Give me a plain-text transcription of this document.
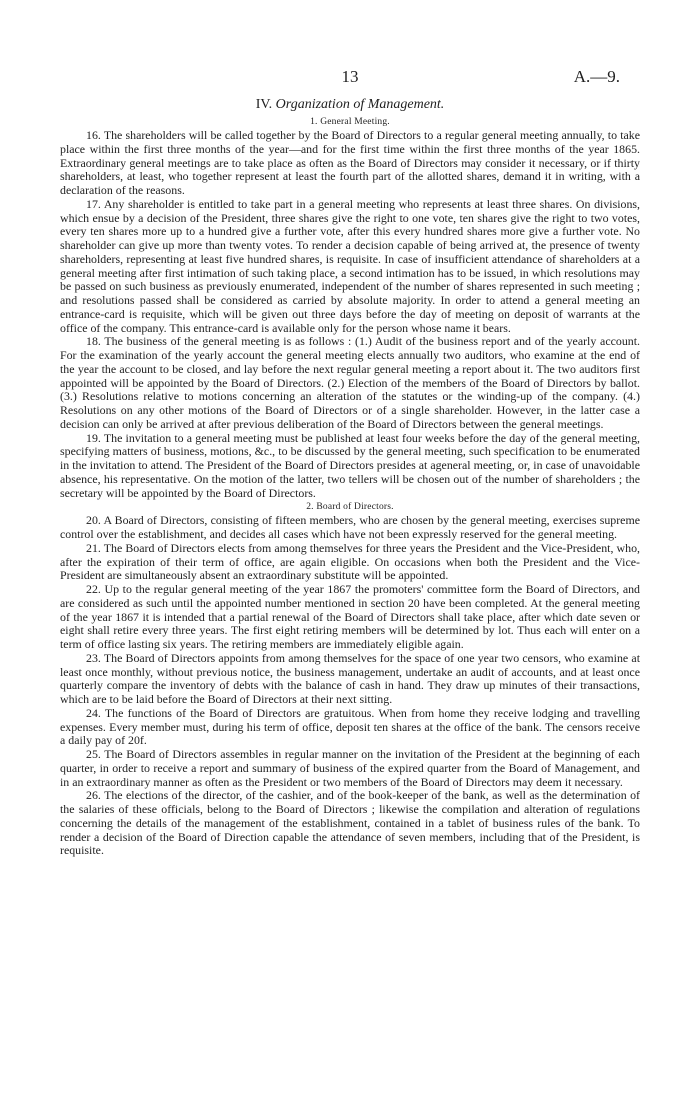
13	A.—9.
IV. Organization of Management.
1. General Meeting.

16. The shareholders will be called together by the Board of Directors to a regular general meeting annually, to take place within the first three months of the year—and for the first time within the first three months of the year 1865. Extraordinary general meetings are to take place as often as the Board of Directors may consider it necessary, or if thirty shareholders, at least, who together represent at least the fourth part of the allotted shares, demand it in writing, with a declaration of the reasons.

17. Any shareholder is entitled to take part in a general meeting who represents at least three shares. On divisions, which ensue by a decision of the President, three shares give the right to one vote, ten shares give the right to two votes, every ten shares more up to a hundred give a further vote, after this every hundred shares more give a further vote. No shareholder can give up more than twenty votes. To render a decision capable of being arrived at, the presence of twenty shareholders, representing at least five hundred shares, is requisite. In case of insufficient attendance of shareholders at a general meeting after first intimation of such taking place, a second intimation has to be issued, in which resolutions may be passed on such business as previously enumerated, independent of the number of shares represented in such meeting ; and resolutions passed shall be considered as carried by absolute majority. In order to attend a general meeting an entrance-card is requisite, which will be given out three days before the day of meeting on deposit of warrants at the office of the company. This entrance-card is available only for the person whose name it bears.

18. The business of the general meeting is as follows : (1.) Audit of the business report and of the yearly account. For the examination of the yearly account the general meeting elects annually two auditors, who examine at the end of the year the account to be closed, and lay before the next regular general meeting a report about it. The two auditors first appointed will be appointed by the Board of Directors. (2.) Election of the members of the Board of Directors by ballot. (3.) Resolutions relative to motions concerning an alteration of the statutes or the winding-up of the company. (4.) Resolutions on any other motions of the Board of Directors or of a single shareholder. However, in the latter case a decision can only be arrived at after previous deliberation of the Board of Directors between the general meetings.

19. The invitation to a general meeting must be published at least four weeks before the day of the general meeting, specifying matters of business, motions, &c., to be discussed by the general meeting, such specification to be enumerated in the invitation to attend. The President of the Board of Directors presides at ageneral meeting, or, in case of unavoidable absence, his representative. On the motion of the latter, two tellers will be chosen out of the number of shareholders ; the secretary will be appointed by the Board of Directors.

2. Board of Directors.

20. A Board of Directors, consisting of fifteen members, who are chosen by the general meeting, exercises supreme control over the establishment, and decides all cases which have not been expressly reserved for the general meeting.

21. The Board of Directors elects from among themselves for three years the President and the Vice-President, who, after the expiration of their term of office, are again eligible. On occasions when both the President and the Vice-President are simultaneously absent an extraordinary substitute will be appointed.

22. Up to the regular general meeting of the year 1867 the promoters' committee form the Board of Directors, and are considered as such until the appointed number mentioned in section 20 have been completed. At the general meeting of the year 1867 it is intended that a partial renewal of the Board of Directors shall take place, after which date seven or eight shall retire every three years. The first eight retiring members will be determined by lot. Thus each will enter on a term of office lasting six years. The retiring members are immediately eligible again.

23. The Board of Directors appoints from among themselves for the space of one year two censors, who examine at least once monthly, without previous notice, the business management, undertake an audit of accounts, and at least once quarterly compare the inventory of debts with the balance of cash in hand. They draw up minutes of their transactions, which are to be laid before the Board of Directors at their next sitting.

24. The functions of the Board of Directors are gratuitous. When from home they receive lodging and travelling expenses. Every member must, during his term of office, deposit ten shares at the office of the bank. The censors receive a daily pay of 20f.

25. The Board of Directors assembles in regular manner on the invitation of the President at the beginning of each quarter, in order to receive a report and summary of business of the expired quarter from the Board of Management, and in an extraordinary manner as often as the President or two members of the Board of Directors may deem it necessary.

26. The elections of the director, of the cashier, and of the book-keeper of the bank, as well as the determination of the salaries of these officials, belong to the Board of Directors ; likewise the compilation and alteration of regulations concerning the details of the management of the establishment, contained in a tablet of business rules of the bank. To render a decision of the Board of Direction capable the attendance of seven members, including that of the President, is requisite.
